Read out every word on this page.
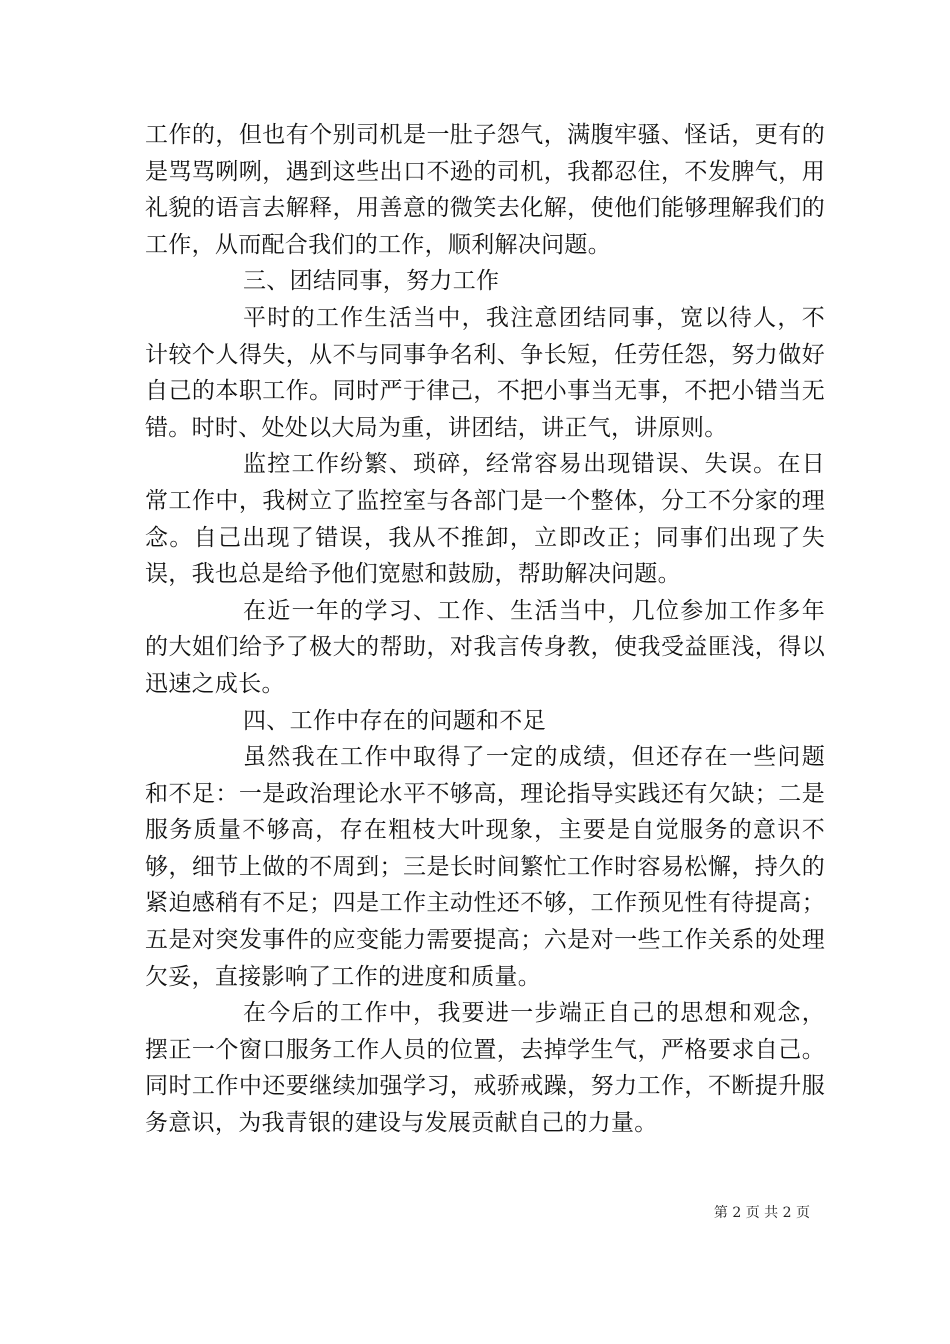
工作的，但也有个别司机是一肚子怨气，满腹牢骚、怪话，更有的是骂骂咧咧，遇到这些出口不逊的司机，我都忍住，不发脾气，用礼貌的语言去解释，用善意的微笑去化解，使他们能够理解我们的工作，从而配合我们的工作，顺利解决问题。

三、团结同事，努力工作

平时的工作生活当中，我注意团结同事，宽以待人，不计较个人得失，从不与同事争名利、争长短，任劳任怨，努力做好自己的本职工作。同时严于律己，不把小事当无事，不把小错当无错。时时、处处以大局为重，讲团结，讲正气，讲原则。

监控工作纷繁、琐碎，经常容易出现错误、失误。在日常工作中，我树立了监控室与各部门是一个整体，分工不分家的理念。自己出现了错误，我从不推卸，立即改正；同事们出现了失误，我也总是给予他们宽慰和鼓励，帮助解决问题。

在近一年的学习、工作、生活当中，几位参加工作多年的大姐们给予了极大的帮助，对我言传身教，使我受益匪浅，得以迅速之成长。

四、工作中存在的问题和不足

虽然我在工作中取得了一定的成绩，但还存在一些问题和不足：一是政治理论水平不够高，理论指导实践还有欠缺；二是服务质量不够高，存在粗枝大叶现象，主要是自觉服务的意识不够，细节上做的不周到；三是长时间繁忙工作时容易松懈，持久的紧迫感稍有不足；四是工作主动性还不够，工作预见性有待提高；五是对突发事件的应变能力需要提高；六是对一些工作关系的处理欠妥，直接影响了工作的进度和质量。

在今后的工作中，我要进一步端正自己的思想和观念，摆正一个窗口服务工作人员的位置，去掉学生气，严格要求自己。同时工作中还要继续加强学习，戒骄戒躁，努力工作，不断提升服务意识，为我青银的建设与发展贡献自己的力量。

第 2 页 共 2 页
